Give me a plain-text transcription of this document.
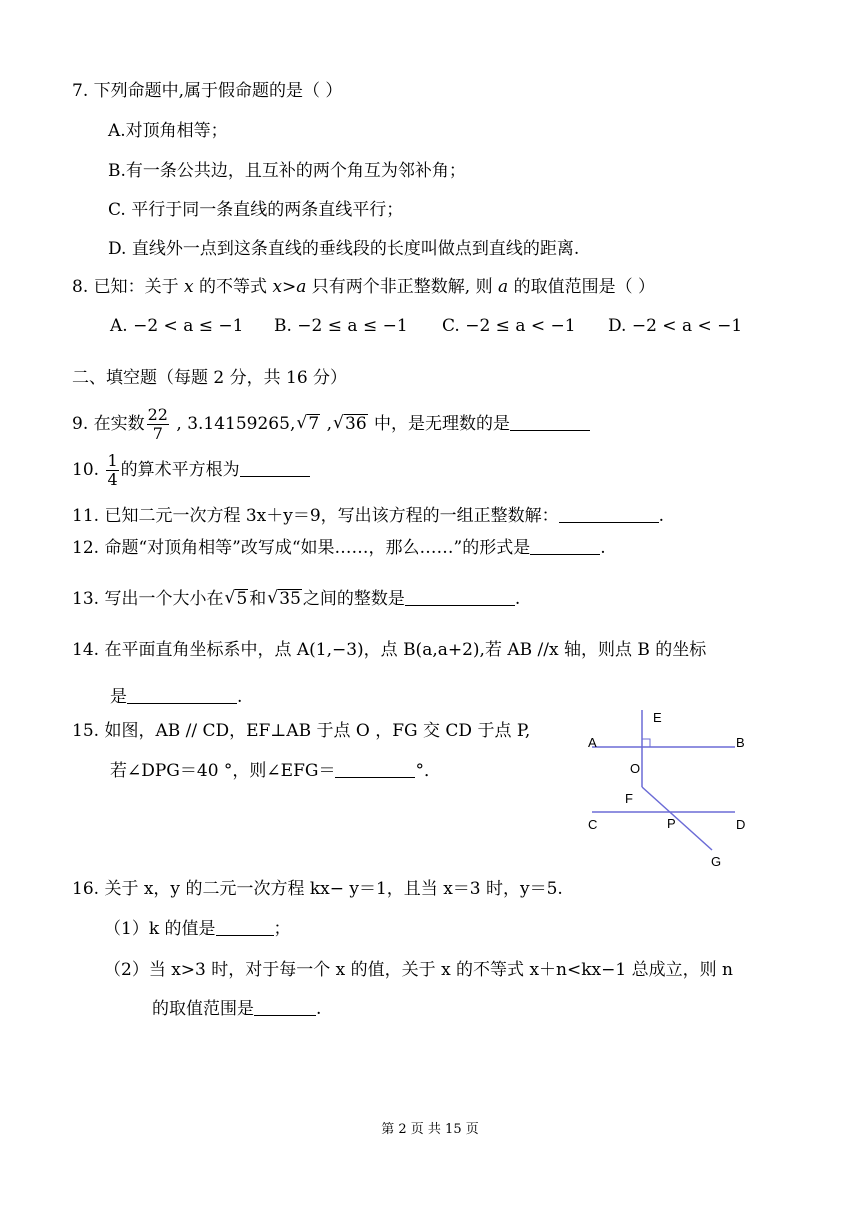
7. 下列命题中,属于假命题的是（ ）
A.对顶角相等；
B.有一条公共边，且互补的两个角互为邻补角；
C. 平行于同一条直线的两条直线平行；
D. 直线外一点到这条直线的垂线段的长度叫做点到直线的距离.
8. 已知：关于 x 的不等式 x>a 只有两个非正整数解, 则 a 的取值范围是（ ）
A. −2 < a ≤ −1 B. −2 ≤ a ≤ −1 C. −2 ≤ a < −1 D. −2 < a < −1
二、填空题（每题 2 分，共 16 分）
9. 在实数 $\frac{22}{7}$ , 3.14159265, √ 7 , √ 36 中，是无理数的是
10. $\frac{1}{4}$ 的算术平方根为
11. 已知二元一次方程 3x＋y＝9，写出该方程的一组正整数解：	.
12. 命题“对顶角相等”改写成“如果……，那么……”的形式是	.
13. 写出一个大小在 √ 5 和 √ 35 之间的整数是	.
14. 在平面直角坐标系中，点 A(1,−3)，点 B(a,a+2),若 AB //x 轴，则点 B 的坐标
是	.
15. 如图，AB // CD，EF⊥AB 于点 O ，FG 交 CD 于点 P,
若∠DPG＝40 °，则∠EFG＝	°．
E
A	B
O
F
C	P	D
G
16. 关于 x，y 的二元一次方程 kx− y＝1，且当 x＝3 时，y＝5.
（1）k 的值是	；
（2）当 x>3 时，对于每一个 x 的值，关于 x 的不等式 x＋n<kx−1 总成立，则 n
的取值范围是	.
第 2 页 共 15 页
